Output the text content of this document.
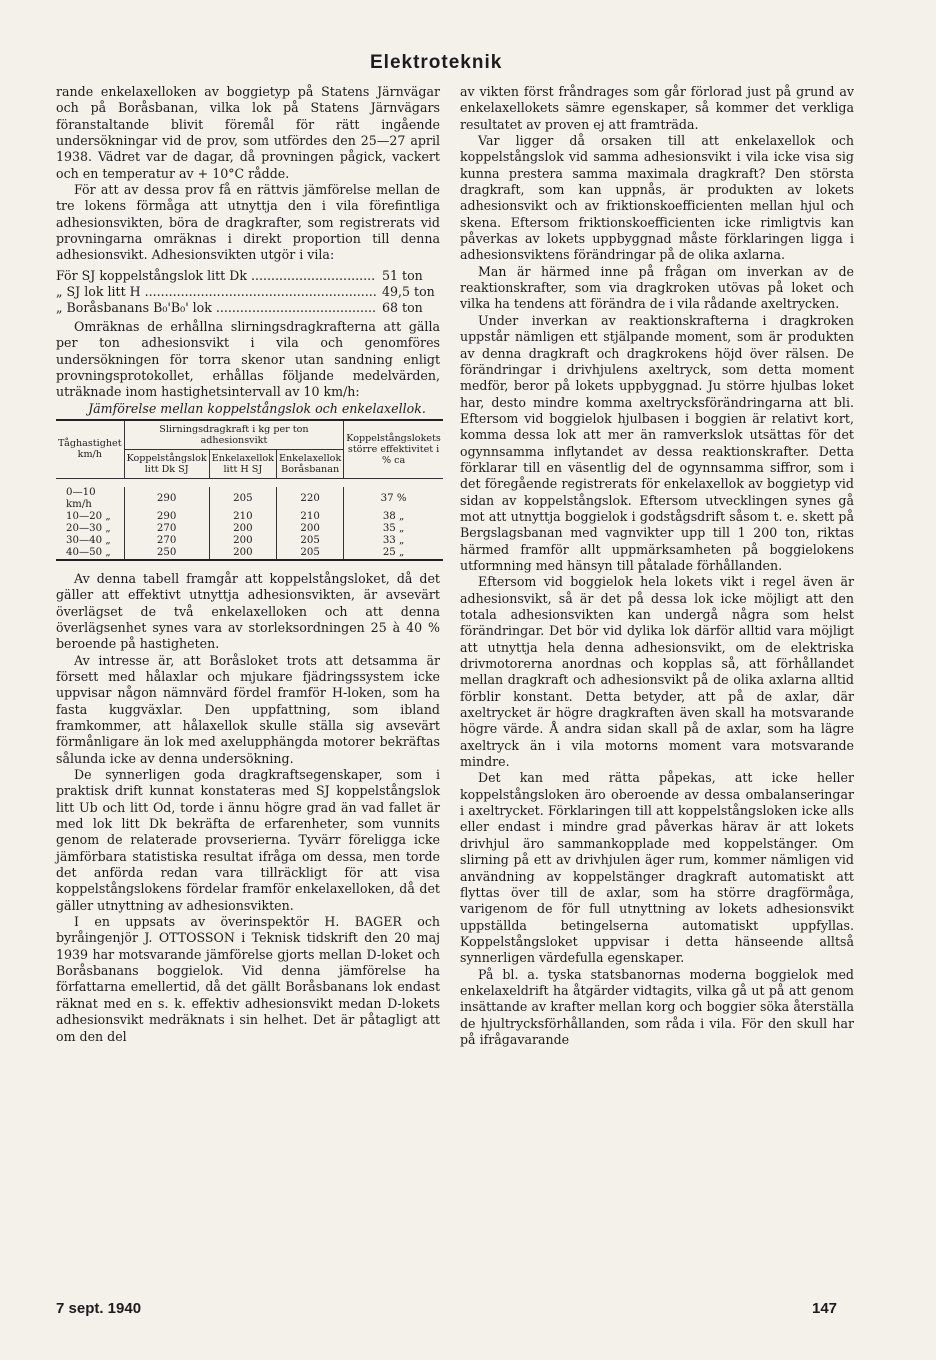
Elektroteknik

rande enkelaxelloken av boggietyp på Statens Järnvägar och på Boråsbanan, vilka lok på Statens Järnvägars föranstaltande blivit föremål för rätt ingående undersökningar vid de prov, som utfördes den 25—27 april 1938. Vädret var de dagar, då provningen pågick, vackert och en temperatur av + 10°C rådde.

För att av dessa prov få en rättvis jämförelse mellan de tre lokens förmåga att utnyttja den i vila förefintliga adhesionsvikten, böra de dragkrafter, som registrerats vid provningarna omräknas i direkt proportion till denna adhesionsvikt. Adhesionsvikten utgör i vila:

För SJ koppelstångslok litt Dk .....	51 ton
„ SJ lok litt H .....	49,5 ton
„ Boråsbanans B₀'B₀' lok .....	68 ton

Omräknas de erhållna slirningsdragkrafterna att gälla per ton adhesionsvikt i vila och genomföres undersökningen för torra skenor utan sandning enligt provningsprotokollet, erhållas följande medelvärden, uträknade inom hastighetsintervall av 10 km/h:

Jämförelse mellan koppelstångslok och enkelaxellok.

Tåghastighet km/h	Slirningsdragkraft i kg per ton adhesionsvikt			Koppelstångslokets större effektivitet i % ca
	Koppelstångslok litt Dk SJ	Enkelaxellok litt H SJ	Enkelaxellok Boråsbanan	

0—10 km/h	290	205	220	37 %
10—20 „	290	210	210	38 „
20—30 „	270	200	200	35 „
30—40 „	270	200	205	33 „
40—50 „	250	200	205	25 „

Av denna tabell framgår att koppelstångsloket, då det gäller att effektivt utnyttja adhesionsvikten, är avsevärt överlägset de två enkelaxelloken och att denna överlägsenhet synes vara av storleksordningen 25 à 40 % beroende på hastigheten.

Av intresse är, att Boråsloket trots att detsamma är försett med hålaxlar och mjukare fjädringssystem icke uppvisar någon nämnvärd fördel framför H-loken, som ha fasta kuggväxlar. Den uppfattning, som ibland framkommer, att hålaxellok skulle ställa sig avsevärt förmånligare än lok med axelupphängda motorer bekräftas sålunda icke av denna undersökning.

De synnerligen goda dragkraftsegenskaper, som i praktisk drift kunnat konstateras med SJ koppelstångslok litt Ub och litt Od, torde i ännu högre grad än vad fallet är med lok litt Dk bekräfta de erfarenheter, som vunnits genom de relaterade provserierna. Tyvärr föreligga icke jämförbara statistiska resultat ifråga om dessa, men torde det anförda redan vara tillräckligt för att visa koppelstångslokens fördelar framför enkelaxelloken, då det gäller utnyttning av adhesionsvikten.

I en uppsats av överinspektör H. BAGER och byråingenjör J. OTTOSSON i Teknisk tidskrift den 20 maj 1939 har motsvarande jämförelse gjorts mellan D-loket och Boråsbanans boggielok. Vid denna jämförelse ha författarna emellertid, då det gällt Boråsbanans lok endast räknat med en s. k. effektiv adhesionsvikt medan D-lokets adhesionsvikt medräknats i sin helhet. Det är påtagligt att om den del

av vikten först fråndrages som går förlorad just på grund av enkelaxellokets sämre egenskaper, så kommer det verkliga resultatet av proven ej att framträda.

Var ligger då orsaken till att enkelaxellok och koppelstångslok vid samma adhesionsvikt i vila icke visa sig kunna prestera samma maximala dragkraft? Den största dragkraft, som kan uppnås, är produkten av lokets adhesionsvikt och av friktionskoefficienten mellan hjul och skena. Eftersom friktionskoefficienten icke rimligtvis kan påverkas av lokets uppbyggnad måste förklaringen ligga i adhesionsviktens förändringar på de olika axlarna.

Man är härmed inne på frågan om inverkan av de reaktionskrafter, som via dragkroken utövas på loket och vilka ha tendens att förändra de i vila rådande axeltrycken.

Under inverkan av reaktionskrafterna i dragkroken uppstår nämligen ett stjälpande moment, som är produkten av denna dragkraft och dragkrokens höjd över rälsen. De förändringar i drivhjulens axeltryck, som detta moment medför, beror på lokets uppbyggnad. Ju större hjulbas loket har, desto mindre komma axeltrycksförändringarna att bli. Eftersom vid boggielok hjulbasen i boggien är relativt kort, komma dessa lok att mer än ramverkslok utsättas för det ogynnsamma inflytandet av dessa reaktionskrafter. Detta förklarar till en väsentlig del de ogynnsamma siffror, som i det föregående registrerats för enkelaxellok av boggietyp vid sidan av koppelstångslok. Eftersom utvecklingen synes gå mot att utnyttja boggielok i godstågsdrift såsom t. e. skett på Bergslagsbanan med vagnvikter upp till 1 200 ton, riktas härmed framför allt uppmärksamheten på boggielokens utformning med hänsyn till påtalade förhållanden.

Eftersom vid boggielok hela lokets vikt i regel även är adhesionsvikt, så är det på dessa lok icke möjligt att den totala adhesionsvikten kan undergå några som helst förändringar. Det bör vid dylika lok därför alltid vara möjligt att utnyttja hela denna adhesionsvikt, om de elektriska drivmotorerna anordnas och kopplas så, att förhållandet mellan dragkraft och adhesionsvikt på de olika axlarna alltid förblir konstant. Detta betyder, att på de axlar, där axeltrycket är högre dragkraften även skall ha motsvarande högre värde. Å andra sidan skall på de axlar, som ha lägre axeltryck än i vila motorns moment vara motsvarande mindre.

Det kan med rätta påpekas, att icke heller koppelstångsloken äro oberoende av dessa ombalanseringar i axeltrycket. Förklaringen till att koppelstångsloken icke alls eller endast i mindre grad påverkas härav är att lokets drivhjul äro sammankopplade med koppelstänger. Om slirning på ett av drivhjulen äger rum, kommer nämligen vid användning av koppelstänger dragkraft automatiskt att flyttas över till de axlar, som ha större dragförmåga, varigenom de för full utnyttning av lokets adhesionsvikt uppställda betingelserna automatiskt uppfyllas. Koppelstångsloket uppvisar i detta hänseende alltså synnerligen värdefulla egenskaper.

På bl. a. tyska statsbanornas moderna boggielok med enkelaxeldrift ha åtgärder vidtagits, vilka gå ut på att genom insättande av krafter mellan korg och boggier söka återställa de hjultrycksförhållanden, som råda i vila. För den skull har på ifrågavarande

7 sept. 1940	147
